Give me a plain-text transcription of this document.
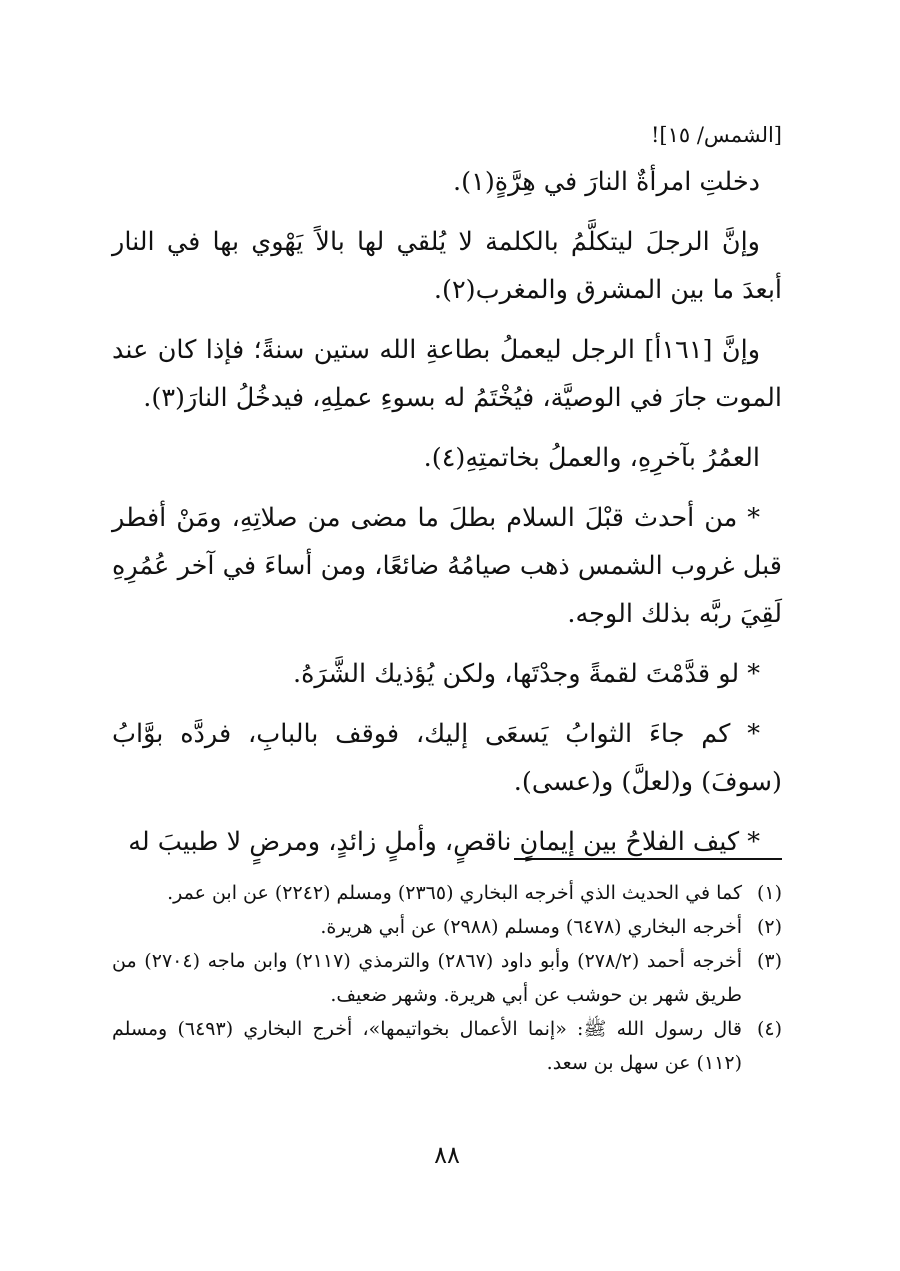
[الشمس/ ١٥]!

دخلتِ امرأةٌ النارَ في هِرَّةٍ(١).

وإنَّ الرجلَ ليتكلَّمُ بالكلمة لا يُلقي لها بالاً يَهْوي بها في النار أبعدَ ما بين المشرق والمغرب(٢).

وإنَّ [١٦١أ] الرجل ليعملُ بطاعةِ الله ستين سنةً؛ فإذا كان عند الموت جارَ في الوصيَّة، فيُخْتَمُ له بسوءِ عملِهِ، فيدخُلُ النارَ(٣).

العمُرُ بآخرِهِ، والعملُ بخاتمتِهِ(٤).

* من أحدث قبْلَ السلام بطلَ ما مضى من صلاتِهِ، ومَنْ أفطر قبل غروب الشمس ذهب صيامُهُ ضائعًا، ومن أساءَ في آخر عُمُرِهِ لَقِيَ ربَّه بذلك الوجه.

* لو قدَّمْتَ لقمةً وجدْتَها، ولكن يُؤذيك الشَّرَهُ.

* كم جاءَ الثوابُ يَسعَى إليك، فوقف بالبابِ، فردَّه بوَّابُ (سوفَ) و(لعلَّ) و(عسى).

* كيف الفلاحُ بين إيمانٍ ناقصٍ، وأملٍ زائدٍ، ومرضٍ لا طبيبَ له

(١)
كما في الحديث الذي أخرجه البخاري (٢٣٦٥) ومسلم (٢٢٤٢) عن ابن عمر.
(٢)
أخرجه البخاري (٦٤٧٨) ومسلم (٢٩٨٨) عن أبي هريرة.
(٣)
أخرجه أحمد (٢٧٨/٢) وأبو داود (٢٨٦٧) والترمذي (٢١١٧) وابن ماجه (٢٧٠٤) من طريق شهر بن حوشب عن أبي هريرة. وشهر ضعيف.
(٤)
قال رسول الله ﷺ: «إنما الأعمال بخواتيمها»، أخرج البخاري (٦٤٩٣) ومسلم (١١٢) عن سهل بن سعد.
٨٨
